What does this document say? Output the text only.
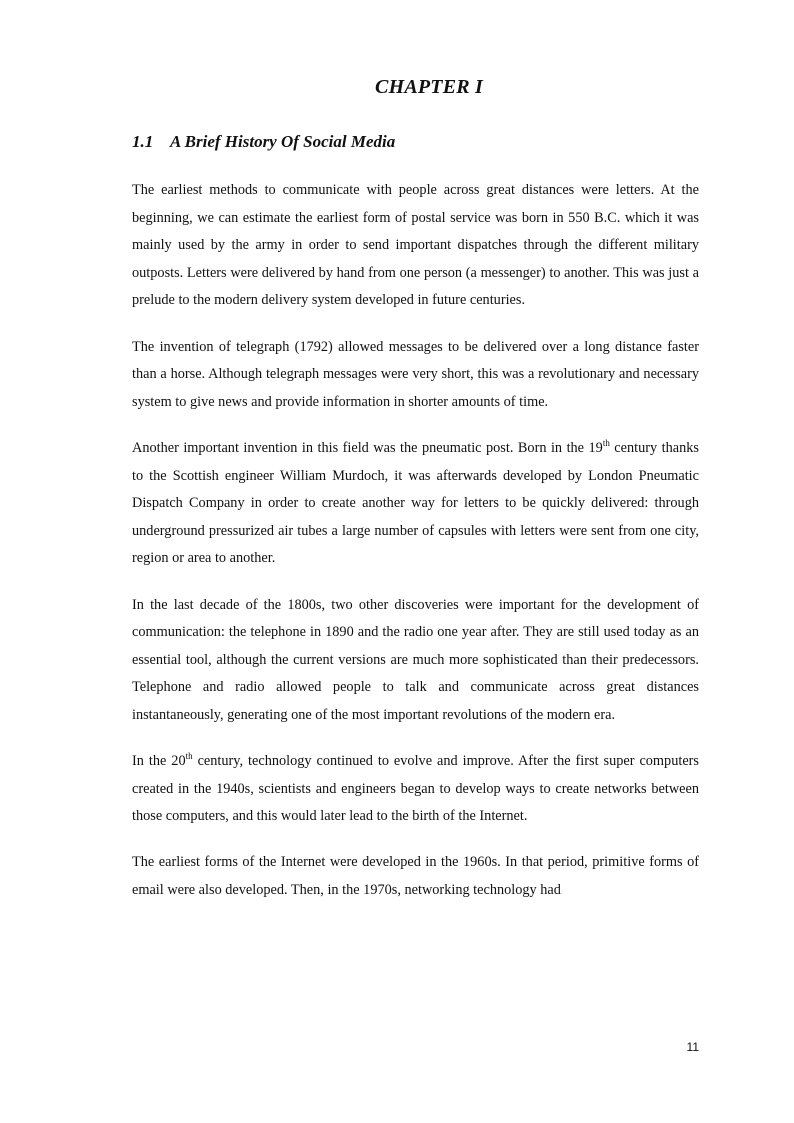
CHAPTER I
1.1 A Brief History Of Social Media

The earliest methods to communicate with people across great distances were letters. At the beginning, we can estimate the earliest form of postal service was born in 550 B.C. which it was mainly used by the army in order to send important dispatches through the different military outposts. Letters were delivered by hand from one person (a messenger) to another. This was just a prelude to the modern delivery system developed in future centuries.

The invention of telegraph (1792) allowed messages to be delivered over a long distance faster than a horse. Although telegraph messages were very short, this was a revolutionary and necessary system to give news and provide information in shorter amounts of time.

Another important invention in this field was the pneumatic post. Born in the 19th century thanks to the Scottish engineer William Murdoch, it was afterwards developed by London Pneumatic Dispatch Company in order to create another way for letters to be quickly delivered: through underground pressurized air tubes a large number of capsules with letters were sent from one city, region or area to another.

In the last decade of the 1800s, two other discoveries were important for the development of communication: the telephone in 1890 and the radio one year after. They are still used today as an essential tool, although the current versions are much more sophisticated than their predecessors. Telephone and radio allowed people to talk and communicate across great distances instantaneously, generating one of the most important revolutions of the modern era.

In the 20th century, technology continued to evolve and improve. After the first super computers created in the 1940s, scientists and engineers began to develop ways to create networks between those computers, and this would later lead to the birth of the Internet.

The earliest forms of the Internet were developed in the 1960s. In that period, primitive forms of email were also developed. Then, in the 1970s, networking technology had

11
